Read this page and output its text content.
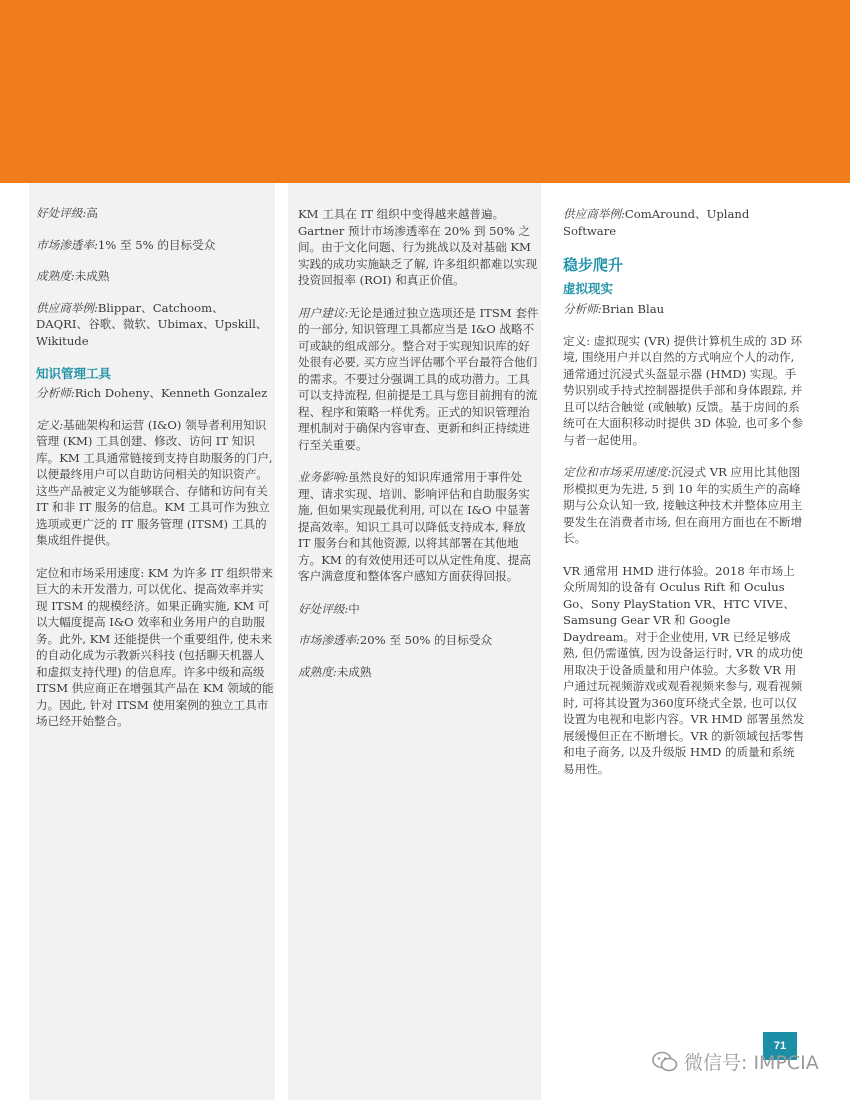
好处评级:高

市场渗透率:1% 至 5% 的目标受众

成熟度:未成熟

供应商举例:Blippar、Catchoom、DAQRI、谷歌、微软、Ubimax、Upskill、Wikitude

知识管理工具

分析师:Rich Doheny、Kenneth Gonzalez

定义:基础架构和运营 (I&O) 领导者利用知识管理 (KM) 工具创建、修改、访问 IT 知识库。KM 工具通常链接到支持自助服务的门户, 以便最终用户可以自助访问相关的知识资产。这些产品被定义为能够联合、存储和访问有关 IT 和非 IT 服务的信息。KM 工具可作为独立选项或更广泛的 IT 服务管理 (ITSM) 工具的集成组件提供。

定位和市场采用速度: KM 为许多 IT 组织带来巨大的未开发潜力, 可以优化、提高效率并实现 ITSM 的规模经济。如果正确实施, KM 可以大幅度提高 I&O 效率和业务用户的自助服务。此外, KM 还能提供一个重要组件, 使未来的自动化成为示教新兴科技 (包括聊天机器人和虚拟支持代理) 的信息库。许多中级和高级 ITSM 供应商正在增强其产品在 KM 领域的能力。因此, 针对 ITSM 使用案例的独立工具市场已经开始整合。

KM 工具在 IT 组织中变得越来越普遍。Gartner 预计市场渗透率在 20% 到 50% 之间。由于文化问题、行为挑战以及对基础 KM 实践的成功实施缺乏了解, 许多组织都难以实现投资回报率 (ROI) 和真正价值。

用户建议:无论是通过独立选项还是 ITSM 套件的一部分, 知识管理工具都应当是 I&O 战略不可或缺的组成部分。整合对于实现知识库的好处很有必要, 买方应当评估哪个平台最符合他们的需求。不要过分强调工具的成功潜力。工具可以支持流程, 但前提是工具与您目前拥有的流程、程序和策略一样优秀。正式的知识管理治理机制对于确保内容审查、更新和纠正持续进行至关重要。

业务影响:虽然良好的知识库通常用于事件处理、请求实现、培训、影响评估和自助服务实施, 但如果实现最优利用, 可以在 I&O 中显著提高效率。知识工具可以降低支持成本, 释放 IT 服务台和其他资源, 以将其部署在其他地方。KM 的有效使用还可以从定性角度、提高客户满意度和整体客户感知方面获得回报。

好处评级:中

市场渗透率:20% 至 50% 的目标受众

成熟度:未成熟

供应商举例:ComAround、Upland Software

稳步爬升
虚拟现实

分析师:Brian Blau

定义: 虚拟现实 (VR) 提供计算机生成的 3D 环境, 围绕用户并以自然的方式响应个人的动作, 通常通过沉浸式头盔显示器 (HMD) 实现。手势识别或手持式控制器提供手部和身体跟踪, 并且可以结合触觉 (或触敏) 反馈。基于房间的系统可在大面积移动时提供 3D 体验, 也可多个参与者一起使用。

定位和市场采用速度:沉浸式 VR 应用比其他图形模拟更为先进, 5 到 10 年的实质生产的高峰期与公众认知一致, 接触这种技术并整体应用主要发生在消费者市场, 但在商用方面也在不断增长。

VR 通常用 HMD 进行体验。2018 年市场上众所周知的设备有 Oculus Rift 和 Oculus Go、Sony PlayStation VR、HTC VIVE、Samsung Gear VR 和 Google Daydream。对于企业使用, VR 已经足够成熟, 但仍需谨慎, 因为设备运行时, VR 的成功使用取决于设备质量和用户体验。大多数 VR 用户通过玩视频游戏或观看视频来参与, 观看视频时, 可将其设置为360度环绕式全景, 也可以仅设置为电视和电影内容。VR HMD 部署虽然发展缓慢但正在不断增长。VR 的新领域包括零售和电子商务, 以及升级版 HMD 的质量和系统易用性。

71
微信号: IMPCIA
